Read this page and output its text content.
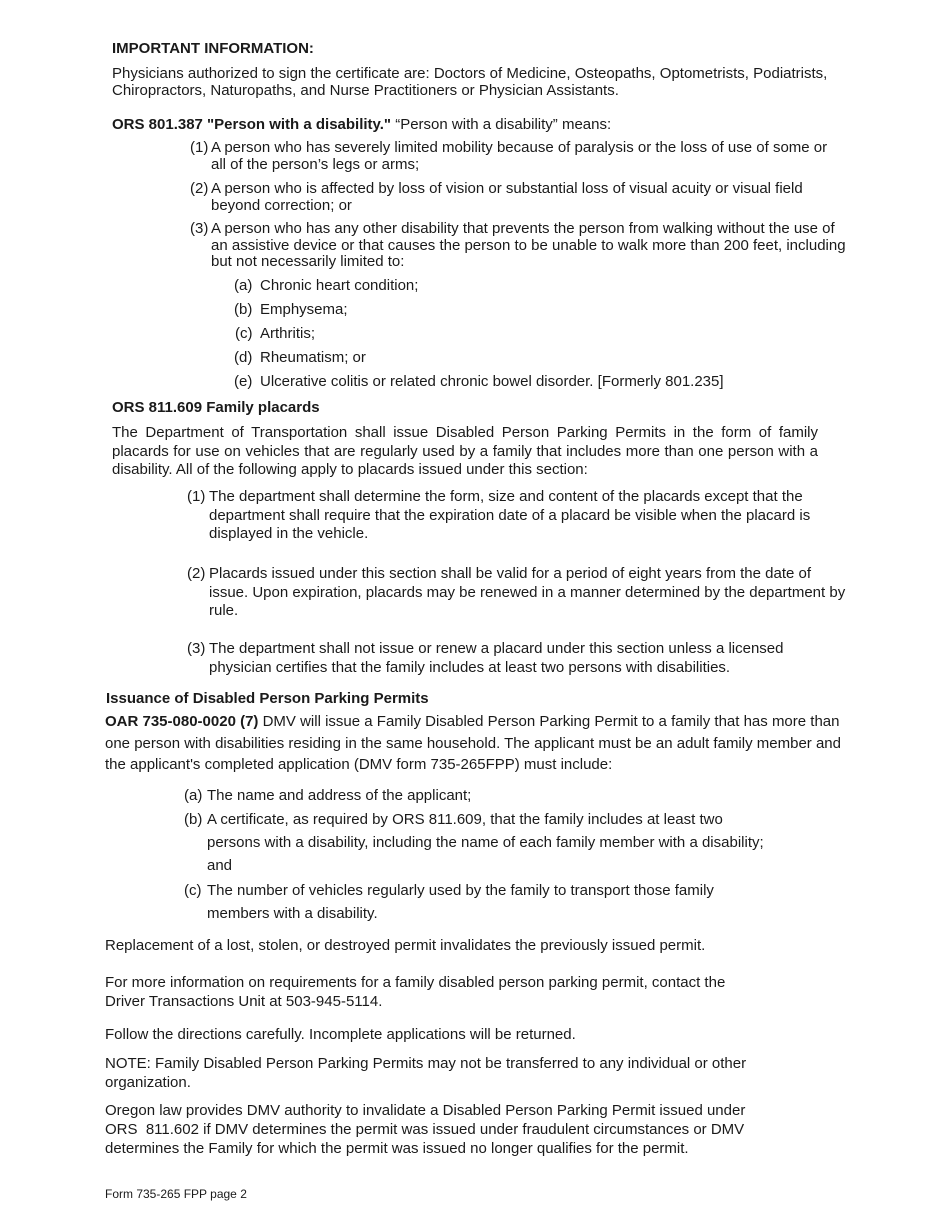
IMPORTANT INFORMATION:
Physicians authorized to sign the certificate are: Doctors of Medicine, Osteopaths, Optometrists, Podiatrists, Chiropractors, Naturopaths, and Nurse Practitioners or Physician Assistants.
ORS 801.387 "Person with a disability." “Person with a disability” means:
(1) A person who has severely limited mobility because of paralysis or the loss of use of some or all of the person’s legs or arms;
(2) A person who is affected by loss of vision or substantial loss of visual acuity or visual field beyond correction; or
(3) A person who has any other disability that prevents the person from walking without the use of an assistive device or that causes the person to be unable to walk more than 200 feet, including but not necessarily limited to:
(a) Chronic heart condition;
(b) Emphysema;
(c) Arthritis;
(d) Rheumatism; or
(e) Ulcerative colitis or related chronic bowel disorder. [Formerly 801.235]
ORS 811.609 Family placards
The Department of Transportation shall issue Disabled Person Parking Permits in the form of family placards for use on vehicles that are regularly used by a family that includes more than one person with a disability. All of the following apply to placards issued under this section:
(1) The department shall determine the form, size and content of the placards except that the department shall require that the expiration date of a placard be visible when the placard is displayed in the vehicle.
(2) Placards issued under this section shall be valid for a period of eight years from the date of issue. Upon expiration, placards may be renewed in a manner determined by the department by rule.
(3) The department shall not issue or renew a placard under this section unless a licensed physician certifies that the family includes at least two persons with disabilities.
Issuance of Disabled Person Parking Permits
OAR 735-080-0020 (7) DMV will issue a Family Disabled Person Parking Permit to a family that has more than one person with disabilities residing in the same household. The applicant must be an adult family member and the applicant's completed application (DMV form 735-265FPP) must include:
(a) The name and address of the applicant;
(b) A certificate, as required by ORS 811.609, that the family includes at least two persons with a disability, including the name of each family member with a disability; and
(c) The number of vehicles regularly used by the family to transport those family members with a disability.
Replacement of a lost, stolen, or destroyed permit invalidates the previously issued permit.
For more information on requirements for a family disabled person parking permit, contact the Driver Transactions Unit at 503-945-5114.
Follow the directions carefully. Incomplete applications will be returned.
NOTE: Family Disabled Person Parking Permits may not be transferred to any individual or other organization.
Oregon law provides DMV authority to invalidate a Disabled Person Parking Permit issued under ORS  811.602 if DMV determines the permit was issued under fraudulent circumstances or DMV  determines the Family for which the permit was issued no longer qualifies for the permit.
Form 735-265 FPP page 2
